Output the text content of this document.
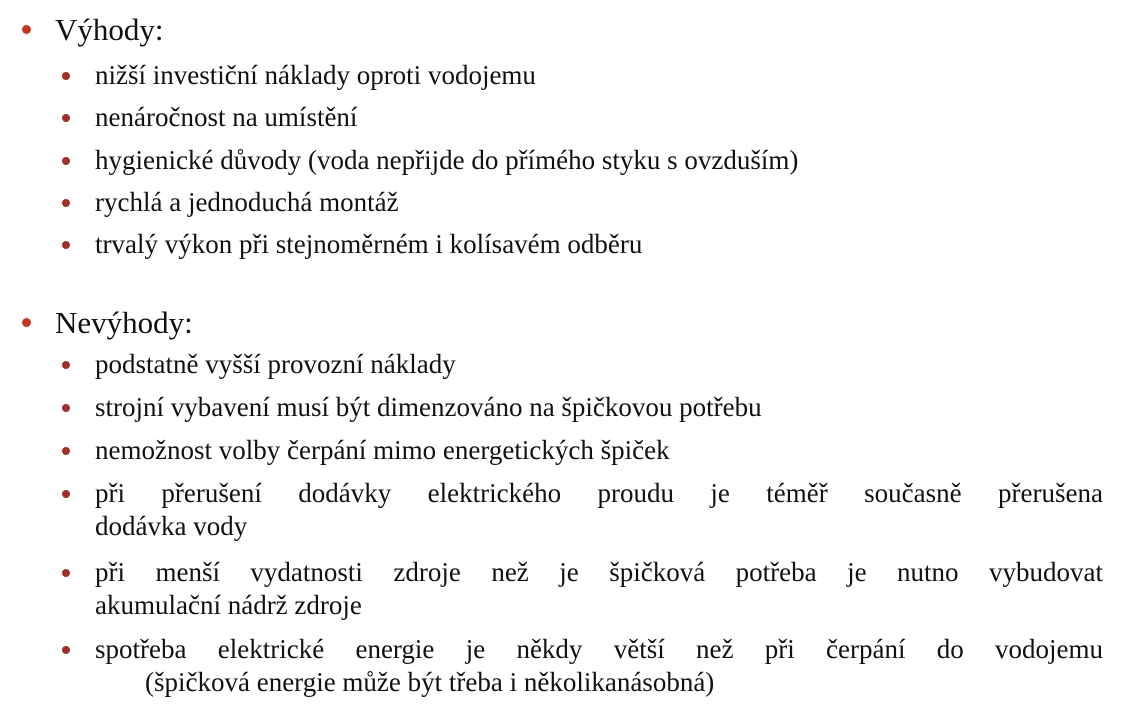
Výhody:
nižší investiční náklady oproti vodojemu
nenáročnost na umístění
hygienické důvody (voda nepřijde do přímého styku s ovzduším)
rychlá a jednoduchá montáž
trvalý výkon při stejnoměrném i kolísavém odběru
Nevýhody:
podstatně vyšší provozní náklady
strojní vybavení musí být dimenzováno na špičkovou potřebu
nemožnost volby čerpání mimo energetických špiček
při přerušení dodávky elektrického proudu je téměř současně přerušena
dodávka vody
při menší vydatnosti zdroje než je špičková potřeba je nutno vybudovat
akumulační nádrž zdroje
spotřeba elektrické energie je někdy větší než při čerpání do vodojemu
(špičková energie může být třeba i několikanásobná)
